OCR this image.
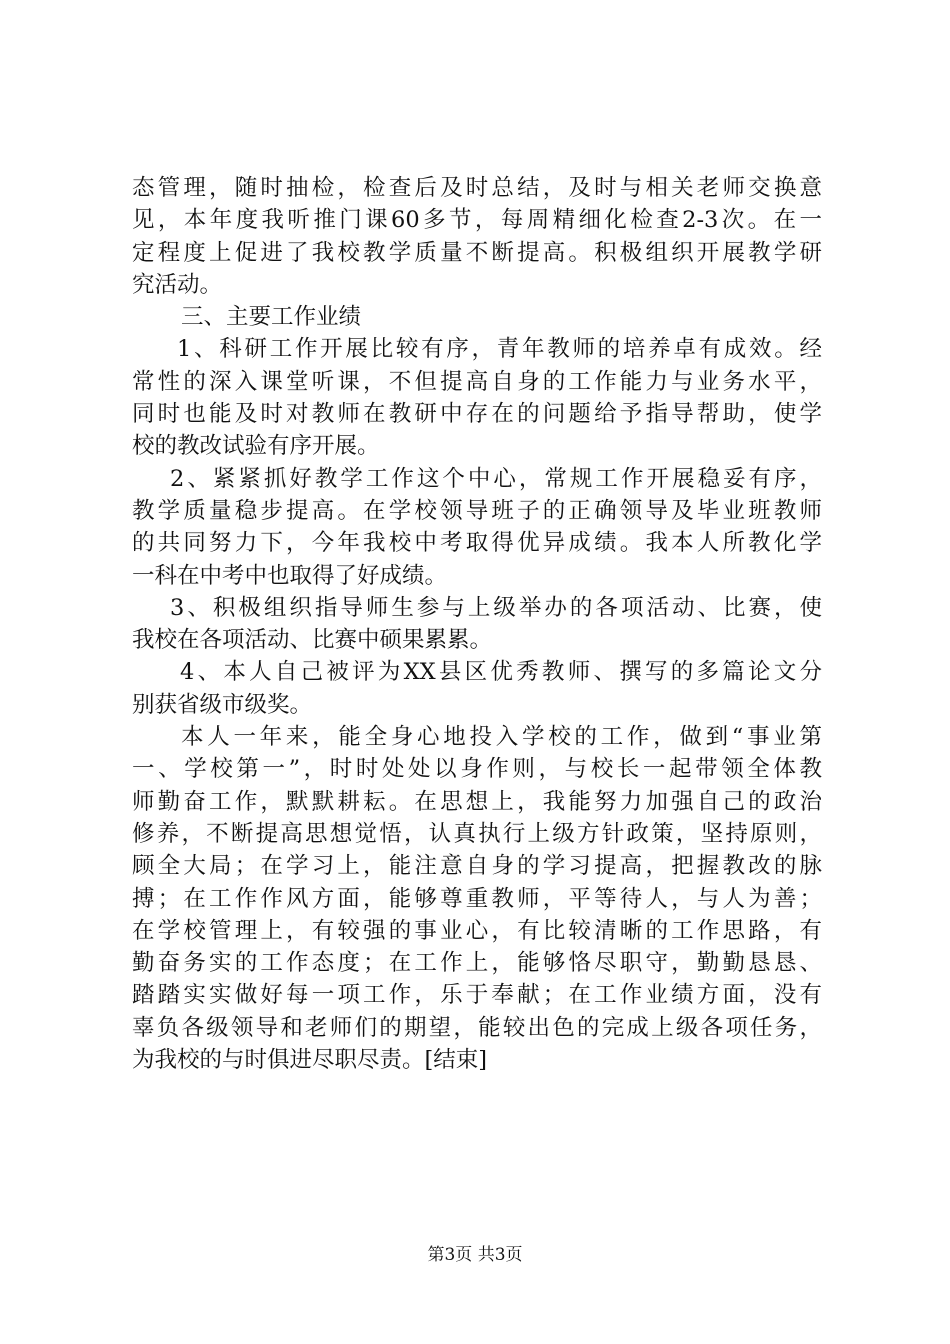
态管理，随时抽检，检查后及时总结，及时与相关老师交换意
见，本年度我听推门课60多节，每周精细化检查2-3次。在一
定程度上促进了我校教学质量不断提高。积极组织开展教学研
究活动。
三、主要工作业绩
1、科研工作开展比较有序，青年教师的培养卓有成效。经
常性的深入课堂听课，不但提高自身的工作能力与业务水平，
同时也能及时对教师在教研中存在的问题给予指导帮助，使学
校的教改试验有序开展。
2、紧紧抓好教学工作这个中心，常规工作开展稳妥有序，
教学质量稳步提高。在学校领导班子的正确领导及毕业班教师
的共同努力下，今年我校中考取得优异成绩。我本人所教化学
一科在中考中也取得了好成绩。
3、积极组织指导师生参与上级举办的各项活动、比赛，使
我校在各项活动、比赛中硕果累累。
4、本人自己被评为XX县区优秀教师、撰写的多篇论文分
别获省级市级奖。
本人一年来，能全身心地投入学校的工作，做到“事业第
一、学校第一”，时时处处以身作则，与校长一起带领全体教
师勤奋工作，默默耕耘。在思想上，我能努力加强自己的政治
修养，不断提高思想觉悟，认真执行上级方针政策，坚持原则，
顾全大局；在学习上，能注意自身的学习提高，把握教改的脉
搏；在工作作风方面，能够尊重教师，平等待人，与人为善；
在学校管理上，有较强的事业心，有比较清晰的工作思路，有
勤奋务实的工作态度；在工作上，能够恪尽职守，勤勤恳恳、
踏踏实实做好每一项工作，乐于奉献；在工作业绩方面，没有
辜负各级领导和老师们的期望，能较出色的完成上级各项任务，
为我校的与时俱进尽职尽责。[结束]
第3页 共3页
